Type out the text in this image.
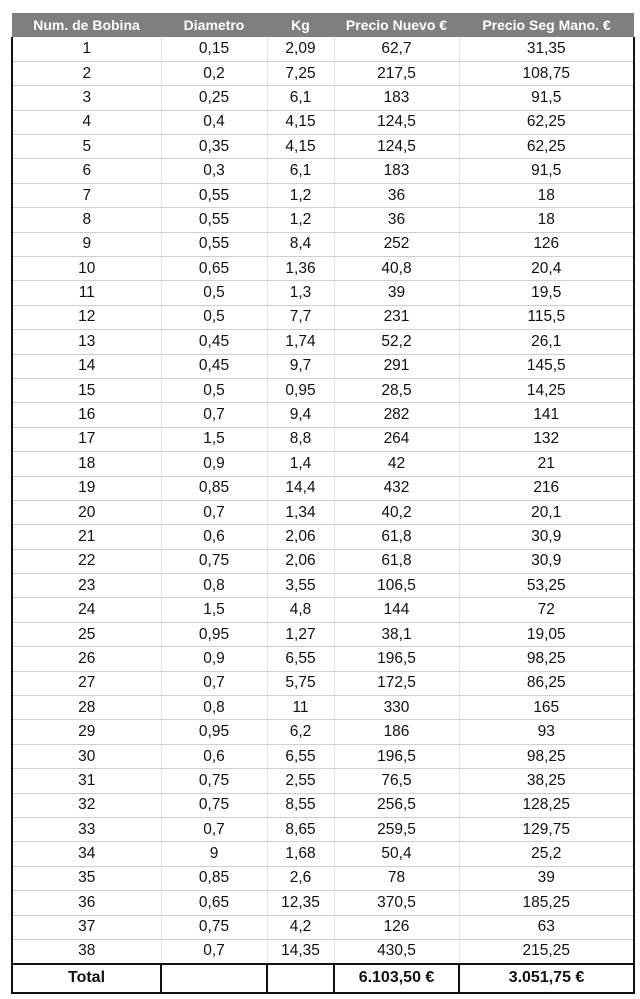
Num. de Bobina	Diametro	Kg	Precio Nuevo €	Precio Seg Mano. €
1	0,15	2,09	62,7	31,35
2	0,2	7,25	217,5	108,75
3	0,25	6,1	183	91,5
4	0,4	4,15	124,5	62,25
5	0,35	4,15	124,5	62,25
6	0,3	6,1	183	91,5
7	0,55	1,2	36	18
8	0,55	1,2	36	18
9	0,55	8,4	252	126
10	0,65	1,36	40,8	20,4
11	0,5	1,3	39	19,5
12	0,5	7,7	231	115,5
13	0,45	1,74	52,2	26,1
14	0,45	9,7	291	145,5
15	0,5	0,95	28,5	14,25
16	0,7	9,4	282	141
17	1,5	8,8	264	132
18	0,9	1,4	42	21
19	0,85	14,4	432	216
20	0,7	1,34	40,2	20,1
21	0,6	2,06	61,8	30,9
22	0,75	2,06	61,8	30,9
23	0,8	3,55	106,5	53,25
24	1,5	4,8	144	72
25	0,95	1,27	38,1	19,05
26	0,9	6,55	196,5	98,25
27	0,7	5,75	172,5	86,25
28	0,8	11	330	165
29	0,95	6,2	186	93
30	0,6	6,55	196,5	98,25
31	0,75	2,55	76,5	38,25
32	0,75	8,55	256,5	128,25
33	0,7	8,65	259,5	129,75
34	9	1,68	50,4	25,2
35	0,85	2,6	78	39
36	0,65	12,35	370,5	185,25
37	0,75	4,2	126	63
38	0,7	14,35	430,5	215,25
Total			6.103,50 €	3.051,75 €
